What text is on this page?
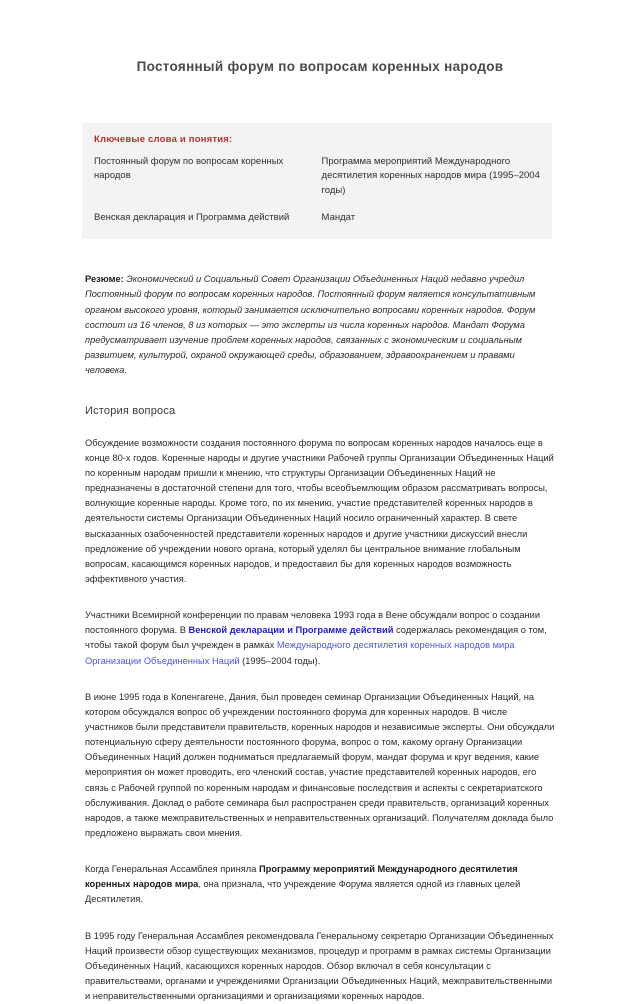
Постоянный форум по вопросам коренных народов
Ключевые слова и понятия:
Постоянный форум по вопросам коренных народов	Программа мероприятий Международного десятилетия коренных народов мира (1995–2004 годы)
Венская декларация и Программа действий	Мандат

Резюме: Экономический и Социальный Совет Организации Объединенных Наций недавно учредил Постоянный форум по вопросам коренных народов. Постоянный форум является консультативным органом высокого уровня, который занимается исключительно вопросами коренных народов. Форум состоит из 16 членов, 8 из которых — это эксперты из числа коренных народов. Мандат Форума предусматривает изучение проблем коренных народов, связанных с экономическим и социальным развитием, культурой, охраной окружающей среды, образованием, здравоохранением и правами человека.

История вопроса

Обсуждение возможности создания постоянного форума по вопросам коренных народов началось еще в конце 80-х годов. Коренные народы и другие участники Рабочей группы Организации Объединенных Наций по коренным народам пришли к мнению, что структуры Организации Объединенных Наций не предназначены в достаточной степени для того, чтобы всеобъемлющим образом рассматривать вопросы, волнующие коренные народы. Кроме того, по их мнению, участие представителей коренных народов в деятельности системы Организации Объединенных Наций носило ограниченный характер. В свете высказанных озабоченностей представители коренных народов и другие участники дискуссий внесли предложение об учреждении нового органа, который уделял бы центральное внимание глобальным вопросам, касающимся коренных народов, и предоставил бы для коренных народов возможность эффективного участия.

Участники Всемирной конференции по правам человека 1993 года в Вене обсуждали вопрос о создании постоянного форума. В Венской декларации и Программе действий содержалась рекомендация о том, чтобы такой форум был учрежден в рамках Международного десятилетия коренных народов мира Организации Объединенных Наций (1995–2004 годы).

В июне 1995 года в Копенгагене, Дания, был проведен семинар Организации Объединенных Наций, на котором обсуждался вопрос об учреждении постоянного форума для коренных народов. В числе участников были представители правительств, коренных народов и независимые эксперты. Они обсуждали потенциальную сферу деятельности постоянного форума, вопрос о том, какому органу Организации Объединенных Наций должен подниматься предлагаемый форум, мандат форума и круг ведения, какие мероприятия он может проводить, его членский состав, участие представителей коренных народов, его связь с Рабочей группой по коренным народам и финансовые последствия и аспекты с секретариатского обслуживания. Доклад о работе семинара был распространен среди правительств, организаций коренных народов, а также межправительственных и неправительственных организаций. Получателям доклада было предложено выражать свои мнения.

Когда Генеральная Ассамблея приняла Программу мероприятий Международного десятилетия коренных народов мира, она признала, что учреждение Форума является одной из главных целей Десятилетия.

В 1995 году Генеральная Ассамблея рекомендовала Генеральному секретарю Организации Объединенных Наций произвести обзор существующих механизмов, процедур и программ в рамках системы Организации Объединенных Наций, касающихся коренных народов. Обзор включал в себя консультации с правительствами, органами и учреждениями Организации Объединенных Наций, межправительственными и неправительственными организациями и организациями коренных народов.
